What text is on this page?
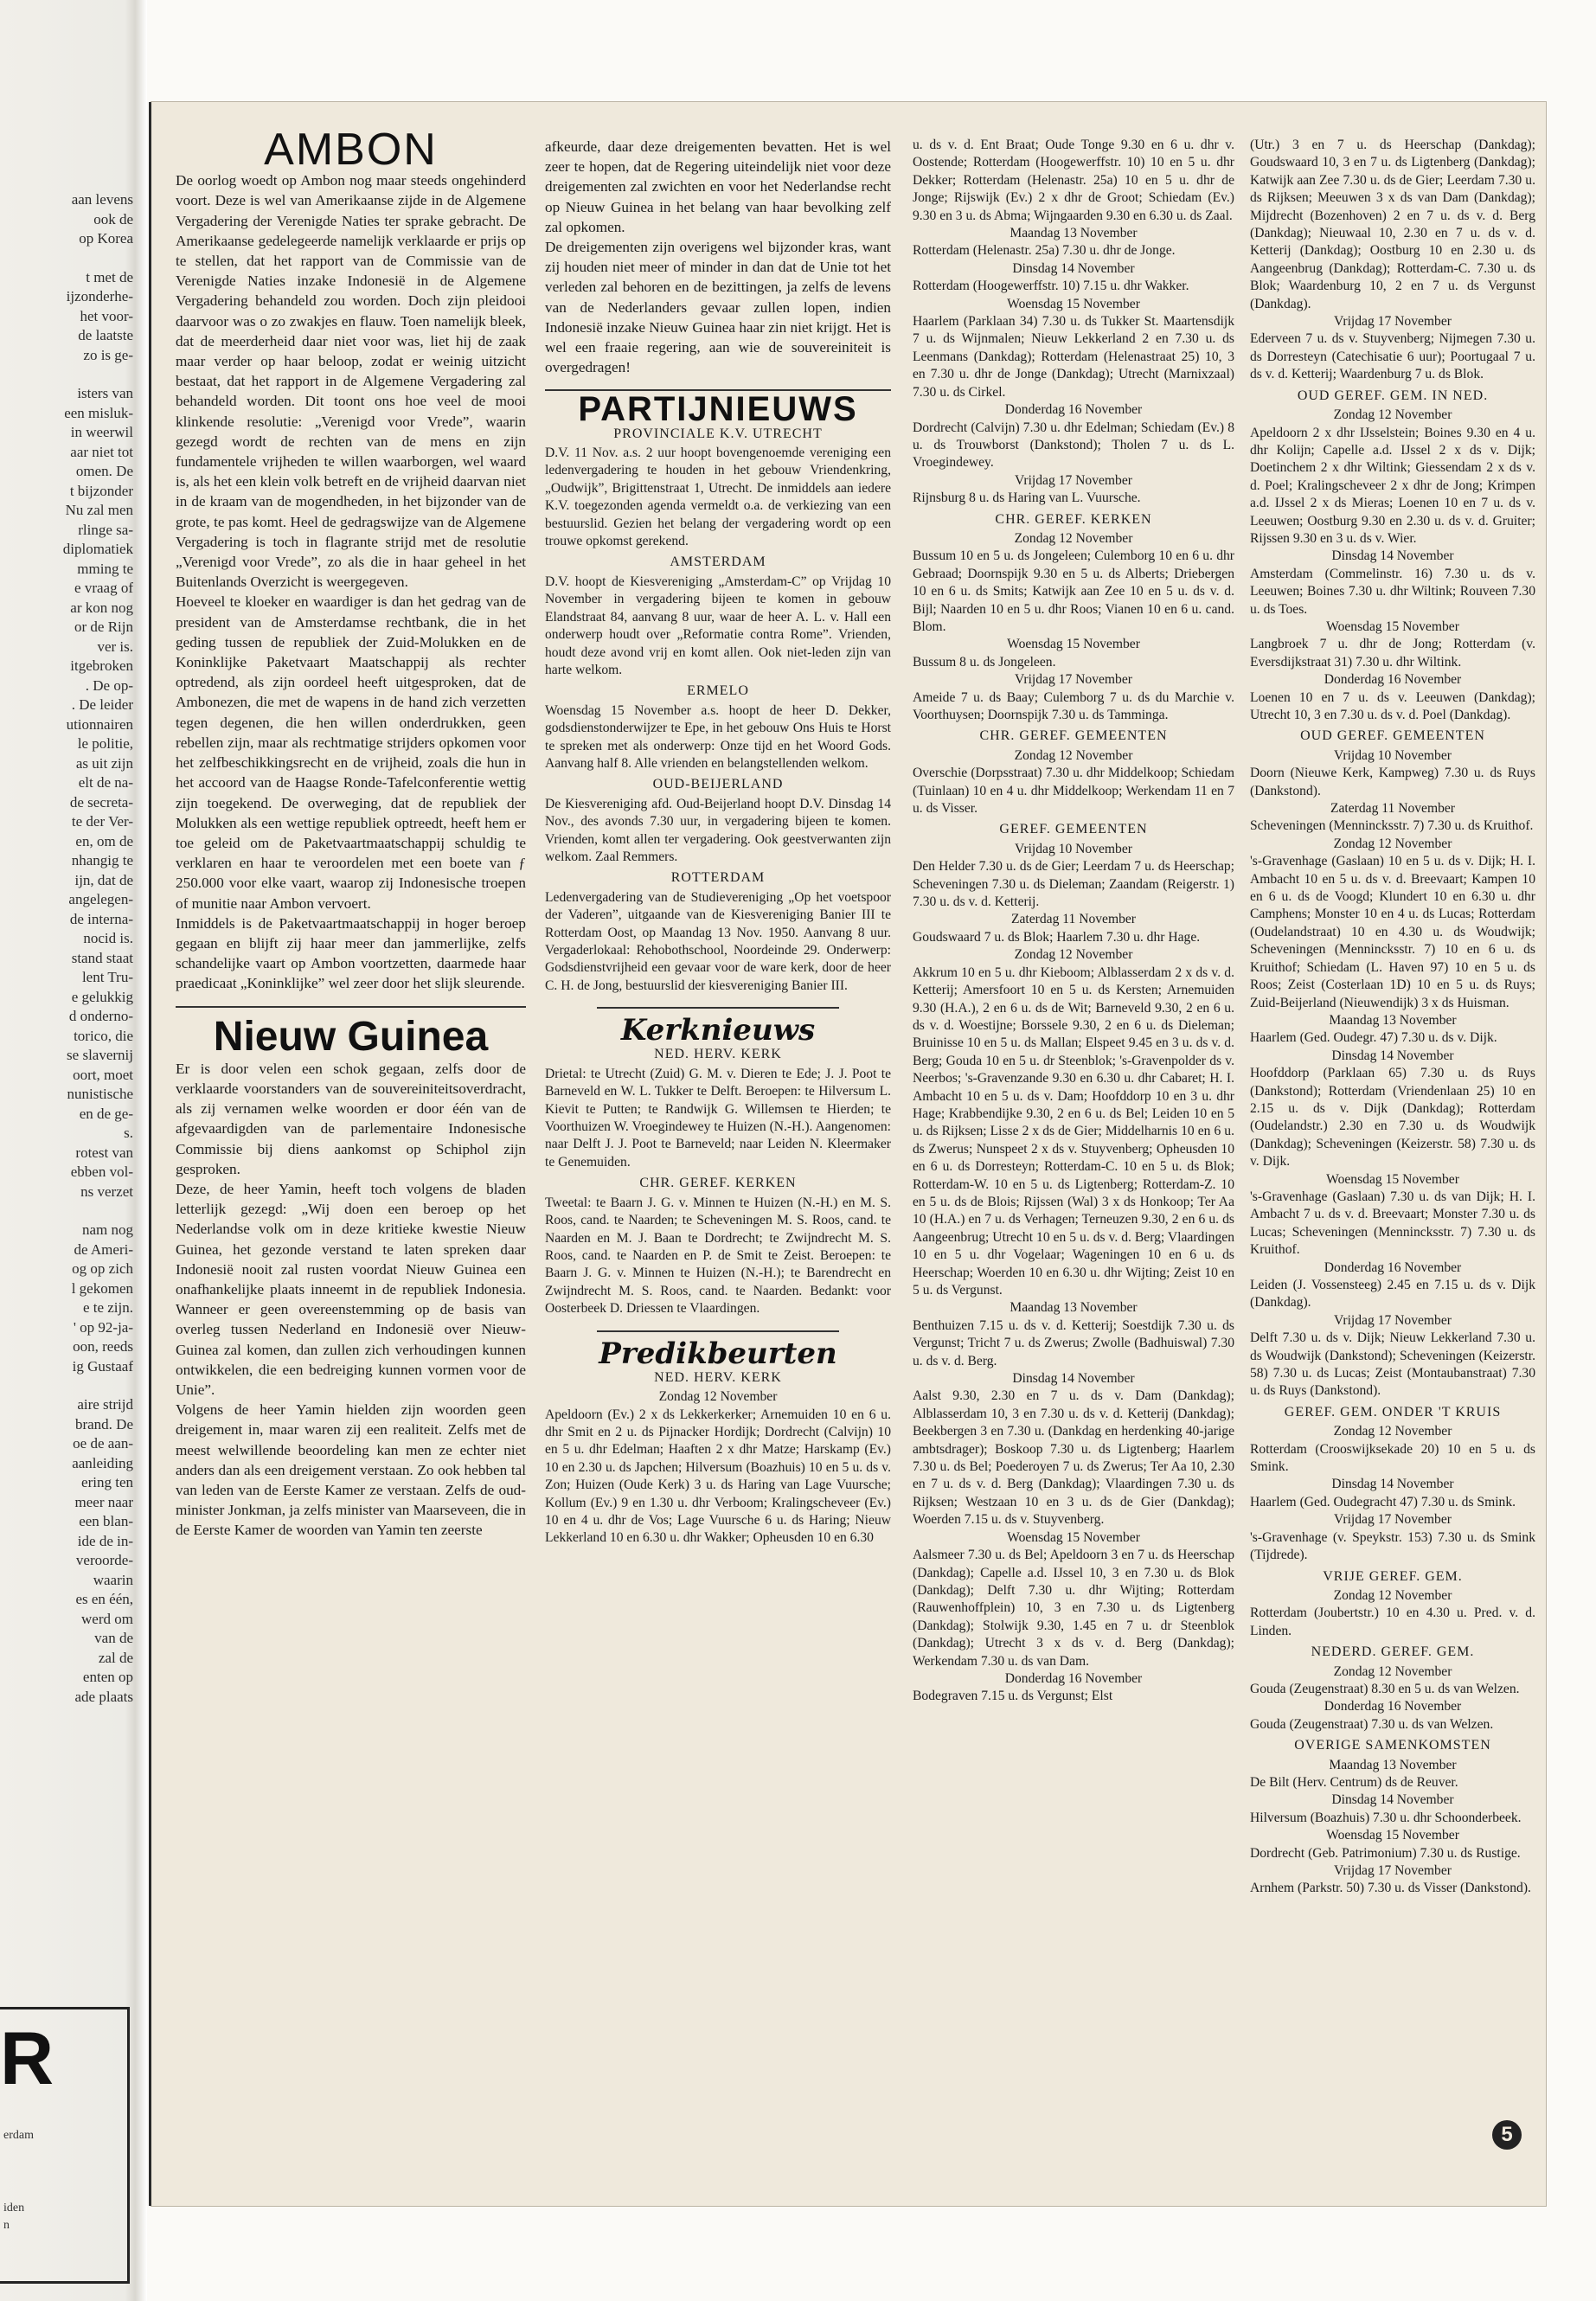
aan levens
ook de
op Korea
t met de
ijzonderhe-
het voor-
de laatste
zo is ge-
isters van
een misluk-
in weerwil
aar niet tot
omen. De
t bijzonder
Nu zal men
rlinge sa-
diplomatiek
mming te
e vraag of
ar kon nog
or de Rijn
ver is.
itgebroken
. De op-
. De leider
utionnairen
le politie,
as uit zijn
elt de na-
de secreta-
te der Ver-
en, om de
nhangig te
ijn, dat de
angelegen-
de interna-
nocid is.
stand staat
lent Tru-
e gelukkig
d onderno-
torico, die
se slavernij
oort, moet
nunistische
en de ge-
s.
rotest van
ebben vol-
ns verzet
nam nog
de Ameri-
og op zich
l gekomen
e te zijn.
' op 92-ja-
oon, reeds
ig Gustaaf
aire strijd
brand. De
oe de aan-
aanleiding
ering ten
meer naar
een blan-
ide de in-
veroorde-
waarin
es en één,
werd om
van de
zal de
enten op
ade plaats
R
erdam
iden
n
AMBON

De oorlog woedt op Ambon nog maar steeds ongehinderd voort. Deze is wel van Amerikaanse zijde in de Algemene Vergadering der Verenigde Naties ter sprake gebracht. De Amerikaanse gedelegeerde namelijk verklaarde er prijs op te stellen, dat het rapport van de Commissie van de Verenigde Naties inzake Indonesië in de Algemene Vergadering behandeld zou worden. Doch zijn pleidooi daarvoor was o zo zwakjes en flauw. Toen namelijk bleek, dat de meerderheid daar niet voor was, liet hij de zaak maar verder op haar beloop, zodat er weinig uitzicht bestaat, dat het rapport in de Algemene Vergadering zal behandeld worden. Dit toont ons hoe veel de mooi klinkende resolutie: „Verenigd voor Vrede”, waarin gezegd wordt de rechten van de mens en zijn fundamentele vrijheden te willen waarborgen, wel waard is, als het een klein volk betreft en de vrijheid daarvan niet in de kraam van de mogendheden, in het bijzonder van de grote, te pas komt. Heel de gedragswijze van de Algemene Vergadering is toch in flagrante strijd met de resolutie „Verenigd voor Vrede”, zo als die in haar geheel in het Buitenlands Overzicht is weergegeven.

Hoeveel te kloeker en waardiger is dan het gedrag van de president van de Amsterdamse rechtbank, die in het geding tussen de republiek der Zuid-Molukken en de Koninklijke Paketvaart Maatschappij als rechter optredend, als zijn oordeel heeft uitgesproken, dat de Ambonezen, die met de wapens in de hand zich verzetten tegen degenen, die hen willen onderdrukken, geen rebellen zijn, maar als rechtmatige strijders opkomen voor het zelfbeschikkingsrecht en de vrijheid, zoals die hun in het accoord van de Haagse Ronde-Tafelconferentie wettig zijn toegekend. De overweging, dat de republiek der Molukken als een wettige republiek optreedt, heeft hem er toe geleid om de Paketvaartmaatschappij schuldig te verklaren en haar te veroordelen met een boete van ƒ 250.000 voor elke vaart, waarop zij Indonesische troepen of munitie naar Ambon vervoert.

Inmiddels is de Paketvaartmaatschappij in hoger beroep gegaan en blijft zij haar meer dan jammerlijke, zelfs schandelijke vaart op Ambon voortzetten, daarmede haar praedicaat „Koninklijke” wel zeer door het slijk sleurende.

Nieuw Guinea

Er is door velen een schok gegaan, zelfs door de verklaarde voorstanders van de souvereiniteitsoverdracht, als zij vernamen welke woorden er door één van de afgevaardigden van de parlementaire Indonesische Commissie bij diens aankomst op Schiphol zijn gesproken.

Deze, de heer Yamin, heeft toch volgens de bladen letterlijk gezegd: „Wij doen een beroep op het Nederlandse volk om in deze kritieke kwestie Nieuw Guinea, het gezonde verstand te laten spreken daar Indonesië nooit zal rusten voordat Nieuw Guinea een onafhankelijke plaats inneemt in de republiek Indonesia. Wanneer er geen overeenstemming op de basis van overleg tussen Nederland en Indonesië over Nieuw-Guinea zal komen, dan zullen zich verhoudingen kunnen ontwikkelen, die een bedreiging kunnen vormen voor de Unie”.

Volgens de heer Yamin hielden zijn woorden geen dreigement in, maar waren zij een realiteit. Zelfs met de meest welwillende beoordeling kan men ze echter niet anders dan als een dreigement verstaan. Zo ook hebben tal van leden van de Eerste Kamer ze verstaan. Zelfs de oud-minister Jonkman, ja zelfs minister van Maarseveen, die in de Eerste Kamer de woorden van Yamin ten zeerste

afkeurde, daar deze dreigementen bevatten. Het is wel zeer te hopen, dat de Regering uiteindelijk niet voor deze dreigementen zal zwichten en voor het Nederlandse recht op Nieuw Guinea in het belang van haar bevolking zelf zal opkomen.

De dreigementen zijn overigens wel bijzonder kras, want zij houden niet meer of minder in dan dat de Unie tot het verleden zal behoren en de bezittingen, ja zelfs de levens van de Nederlanders gevaar zullen lopen, indien Indonesië inzake Nieuw Guinea haar zin niet krijgt. Het is wel een fraaie regering, aan wie de souvereiniteit is overgedragen!

PARTIJNIEUWS
PROVINCIALE K.V. UTRECHT

D.V. 11 Nov. a.s. 2 uur hoopt bovengenoemde vereniging een ledenvergadering te houden in het gebouw Vriendenkring, „Oudwijk”, Brigittenstraat 1, Utrecht. De inmiddels aan iedere K.V. toegezonden agenda vermeldt o.a. de verkiezing van een bestuurslid. Gezien het belang der vergadering wordt op een trouwe opkomst gerekend.

AMSTERDAM

D.V. hoopt de Kiesvereniging „Amsterdam-C” op Vrijdag 10 November in vergadering bijeen te komen in gebouw Elandstraat 84, aanvang 8 uur, waar de heer A. L. v. Hall een onderwerp houdt over „Reformatie contra Rome”. Vrienden, houdt deze avond vrij en komt allen. Ook niet-leden zijn van harte welkom.

ERMELO

Woensdag 15 November a.s. hoopt de heer D. Dekker, godsdienstonderwijzer te Epe, in het gebouw Ons Huis te Horst te spreken met als onderwerp: Onze tijd en het Woord Gods. Aanvang half 8. Alle vrienden en belangstellenden welkom.

OUD-BEIJERLAND

De Kiesvereniging afd. Oud-Beijerland hoopt D.V. Dinsdag 14 Nov., des avonds 7.30 uur, in vergadering bijeen te komen. Vrienden, komt allen ter vergadering. Ook geestverwanten zijn welkom. Zaal Remmers.

ROTTERDAM

Ledenvergadering van de Studievereniging „Op het voetspoor der Vaderen”, uitgaande van de Kiesvereniging Banier III te Rotterdam Oost, op Maandag 13 Nov. 1950. Aanvang 8 uur. Vergaderlokaal: Rehobothschool, Noordeinde 29. Onderwerp: Godsdienstvrijheid een gevaar voor de ware kerk, door de heer C. H. de Jong, bestuurslid der kiesvereniging Banier III.

Kerknieuws
NED. HERV. KERK

Drietal: te Utrecht (Zuid) G. M. v. Dieren te Ede; J. J. Poot te Barneveld en W. L. Tukker te Delft. Beroepen: te Hilversum L. Kievit te Putten; te Randwijk G. Willemsen te Hierden; te Voorthuizen W. Vroegindewey te Huizen (N.-H.). Aangenomen: naar Delft J. J. Poot te Barneveld; naar Leiden N. Kleermaker te Genemuiden.

CHR. GEREF. KERKEN

Tweetal: te Baarn J. G. v. Minnen te Huizen (N.-H.) en M. S. Roos, cand. te Naarden; te Scheveningen M. S. Roos, cand. te Naarden en M. J. Baan te Dordrecht; te Zwijndrecht M. S. Roos, cand. te Naarden en P. de Smit te Zeist. Beroepen: te Baarn J. G. v. Minnen te Huizen (N.-H.); te Barendrecht en Zwijndrecht M. S. Roos, cand. te Naarden. Bedankt: voor Oosterbeek D. Driessen te Vlaardingen.

Predikbeurten
NED. HERV. KERK
Zondag 12 November

Apeldoorn (Ev.) 2 x ds Lekkerkerker; Arnemuiden 10 en 6 u. dhr Smit en 2 u. ds Pijnacker Hordijk; Dordrecht (Calvijn) 10 en 5 u. dhr Edelman; Haaften 2 x dhr Matze; Harskamp (Ev.) 10 en 2.30 u. ds Japchen; Hilversum (Boazhuis) 10 en 5 u. ds v. Zon; Huizen (Oude Kerk) 3 u. ds Haring van Lage Vuursche; Kollum (Ev.) 9 en 1.30 u. dhr Verboom; Kralingscheveer (Ev.) 10 en 4 u. dhr de Vos; Lage Vuursche 6 u. ds Haring; Nieuw Lekkerland 10 en 6.30 u. dhr Wakker; Opheusden 10 en 6.30

u. ds v. d. Ent Braat; Oude Tonge 9.30 en 6 u. dhr v. Oostende; Rotterdam (Hoogewerffstr. 10) 10 en 5 u. dhr Dekker; Rotterdam (Helenastr. 25a) 10 en 5 u. dhr de Jonge; Rijswijk (Ev.) 2 x dhr de Groot; Schiedam (Ev.) 9.30 en 3 u. ds Abma; Wijngaarden 9.30 en 6.30 u. ds Zaal.

Maandag 13 November

Rotterdam (Helenastr. 25a) 7.30 u. dhr de Jonge.

Dinsdag 14 November

Rotterdam (Hoogewerffstr. 10) 7.15 u. dhr Wakker.

Woensdag 15 November

Haarlem (Parklaan 34) 7.30 u. ds Tukker St. Maartensdijk 7 u. ds Wijnmalen; Nieuw Lekkerland 2 en 7.30 u. ds Leenmans (Dankdag); Rotterdam (Helenastraat 25) 10, 3 en 7.30 u. dhr de Jonge (Dankdag); Utrecht (Marnixzaal) 7.30 u. ds Cirkel.

Donderdag 16 November

Dordrecht (Calvijn) 7.30 u. dhr Edelman; Schiedam (Ev.) 8 u. ds Trouwborst (Dankstond); Tholen 7 u. ds L. Vroegindewey.

Vrijdag 17 November

Rijnsburg 8 u. ds Haring van L. Vuursche.

CHR. GEREF. KERKEN
Zondag 12 November

Bussum 10 en 5 u. ds Jongeleen; Culemborg 10 en 6 u. dhr Gebraad; Doornspijk 9.30 en 5 u. ds Alberts; Driebergen 10 en 6 u. ds Smits; Katwijk aan Zee 10 en 5 u. ds v. d. Bijl; Naarden 10 en 5 u. dhr Roos; Vianen 10 en 6 u. cand. Blom.

Woensdag 15 November

Bussum 8 u. ds Jongeleen.

Vrijdag 17 November

Ameide 7 u. ds Baay; Culemborg 7 u. ds du Marchie v. Voorthuysen; Doornspijk 7.30 u. ds Tamminga.

CHR. GEREF. GEMEENTEN
Zondag 12 November

Overschie (Dorpsstraat) 7.30 u. dhr Middelkoop; Schiedam (Tuinlaan) 10 en 4 u. dhr Middelkoop; Werkendam 11 en 7 u. ds Visser.

GEREF. GEMEENTEN
Vrijdag 10 November

Den Helder 7.30 u. ds de Gier; Leerdam 7 u. ds Heerschap; Scheveningen 7.30 u. ds Dieleman; Zaandam (Reigerstr. 1) 7.30 u. ds v. d. Ketterij.

Zaterdag 11 November

Goudswaard 7 u. ds Blok; Haarlem 7.30 u. dhr Hage.

Zondag 12 November

Akkrum 10 en 5 u. dhr Kieboom; Alblasserdam 2 x ds v. d. Ketterij; Amersfoort 10 en 5 u. ds Kersten; Arnemuiden 9.30 (H.A.), 2 en 6 u. ds de Wit; Barneveld 9.30, 2 en 6 u. ds v. d. Woestijne; Borssele 9.30, 2 en 6 u. ds Dieleman; Bruinisse 10 en 5 u. ds Mallan; Elspeet 9.45 en 3 u. ds v. d. Berg; Gouda 10 en 5 u. dr Steenblok; 's-Gravenpolder ds v. Neerbos; 's-Gravenzande 9.30 en 6.30 u. dhr Cabaret; H. I. Ambacht 10 en 5 u. ds v. Dam; Hoofddorp 10 en 3 u. dhr Hage; Krabbendijke 9.30, 2 en 6 u. ds Bel; Leiden 10 en 5 u. ds Rijksen; Lisse 2 x ds de Gier; Middelharnis 10 en 6 u. ds Zwerus; Nunspeet 2 x ds v. Stuyvenberg; Opheusden 10 en 6 u. ds Dorresteyn; Rotterdam-C. 10 en 5 u. ds Blok; Rotterdam-W. 10 en 5 u. ds Ligtenberg; Rotterdam-Z. 10 en 5 u. ds de Blois; Rijssen (Wal) 3 x ds Honkoop; Ter Aa 10 (H.A.) en 7 u. ds Verhagen; Terneuzen 9.30, 2 en 6 u. ds Aangeenbrug; Utrecht 10 en 5 u. ds v. d. Berg; Vlaardingen 10 en 5 u. dhr Vogelaar; Wageningen 10 en 6 u. ds Heerschap; Woerden 10 en 6.30 u. dhr Wijting; Zeist 10 en 5 u. ds Vergunst.

Maandag 13 November

Benthuizen 7.15 u. ds v. d. Ketterij; Soestdijk 7.30 u. ds Vergunst; Tricht 7 u. ds Zwerus; Zwolle (Badhuiswal) 7.30 u. ds v. d. Berg.

Dinsdag 14 November

Aalst 9.30, 2.30 en 7 u. ds v. Dam (Dankdag); Alblasserdam 10, 3 en 7.30 u. ds v. d. Ketterij (Dankdag); Beekbergen 3 en 7.30 u. (Dankdag en herdenking 40-jarige ambtsdrager); Boskoop 7.30 u. ds Ligtenberg; Haarlem 7.30 u. ds Bel; Poederoyen 7 u. ds Zwerus; Ter Aa 10, 2.30 en 7 u. ds v. d. Berg (Dankdag); Vlaardingen 7.30 u. ds Rijksen; Westzaan 10 en 3 u. ds de Gier (Dankdag); Woerden 7.15 u. ds v. Stuyvenberg.

Woensdag 15 November

Aalsmeer 7.30 u. ds Bel; Apeldoorn 3 en 7 u. ds Heerschap (Dankdag); Capelle a.d. IJssel 10, 3 en 7.30 u. ds Blok (Dankdag); Delft 7.30 u. dhr Wijting; Rotterdam (Rauwenhoffplein) 10, 3 en 7.30 u. ds Ligtenberg (Dankdag); Stolwijk 9.30, 1.45 en 7 u. dr Steenblok (Dankdag); Utrecht 3 x ds v. d. Berg (Dankdag); Werkendam 7.30 u. ds van Dam.

Donderdag 16 November

Bodegraven 7.15 u. ds Vergunst; Elst

(Utr.) 3 en 7 u. ds Heerschap (Dankdag); Goudswaard 10, 3 en 7 u. ds Ligtenberg (Dankdag); Katwijk aan Zee 7.30 u. ds de Gier; Leerdam 7.30 u. ds Rijksen; Meeuwen 3 x ds van Dam (Dankdag); Mijdrecht (Bozenhoven) 2 en 7 u. ds v. d. Berg (Dankdag); Nieuwaal 10, 2.30 en 7 u. ds v. d. Ketterij (Dankdag); Oostburg 10 en 2.30 u. ds Aangeenbrug (Dankdag); Rotterdam-C. 7.30 u. ds Blok; Waardenburg 10, 2 en 7 u. ds Vergunst (Dankdag).

Vrijdag 17 November

Ederveen 7 u. ds v. Stuyvenberg; Nijmegen 7.30 u. ds Dorresteyn (Catechisatie 6 uur); Poortugaal 7 u. ds v. d. Ketterij; Waardenburg 7 u. ds Blok.

OUD GEREF. GEM. IN NED.
Zondag 12 November

Apeldoorn 2 x dhr IJsselstein; Boines 9.30 en 4 u. dhr Kolijn; Capelle a.d. IJssel 2 x ds v. Dijk; Doetinchem 2 x dhr Wiltink; Giessendam 2 x ds v. d. Poel; Kralingscheveer 2 x dhr de Jong; Krimpen a.d. IJssel 2 x ds Mieras; Loenen 10 en 7 u. ds v. Leeuwen; Oostburg 9.30 en 2.30 u. ds v. d. Gruiter; Rijssen 9.30 en 3 u. ds v. Wier.

Dinsdag 14 November

Amsterdam (Commelinstr. 16) 7.30 u. ds v. Leeuwen; Boines 7.30 u. dhr Wiltink; Rouveen 7.30 u. ds Toes.

Woensdag 15 November

Langbroek 7 u. dhr de Jong; Rotterdam (v. Eversdijkstraat 31) 7.30 u. dhr Wiltink.

Donderdag 16 November

Loenen 10 en 7 u. ds v. Leeuwen (Dankdag); Utrecht 10, 3 en 7.30 u. ds v. d. Poel (Dankdag).

OUD GEREF. GEMEENTEN
Vrijdag 10 November

Doorn (Nieuwe Kerk, Kampweg) 7.30 u. ds Ruys (Dankstond).

Zaterdag 11 November

Scheveningen (Mennincksstr. 7) 7.30 u. ds Kruithof.

Zondag 12 November

's-Gravenhage (Gaslaan) 10 en 5 u. ds v. Dijk; H. I. Ambacht 10 en 5 u. ds v. d. Breevaart; Kampen 10 en 6 u. ds de Voogd; Klundert 10 en 6.30 u. dhr Camphens; Monster 10 en 4 u. ds Lucas; Rotterdam (Oudelandstraat) 10 en 4.30 u. ds Woudwijk; Scheveningen (Mennincksstr. 7) 10 en 6 u. ds Kruithof; Schiedam (L. Haven 97) 10 en 5 u. ds Roos; Zeist (Costerlaan 1D) 10 en 5 u. ds Ruys; Zuid-Beijerland (Nieuwendijk) 3 x ds Huisman.

Maandag 13 November

Haarlem (Ged. Oudegr. 47) 7.30 u. ds v. Dijk.

Dinsdag 14 November

Hoofddorp (Parklaan 65) 7.30 u. ds Ruys (Dankstond); Rotterdam (Vriendenlaan 25) 10 en 2.15 u. ds v. Dijk (Dankdag); Rotterdam (Oudelandstr.) 2.30 en 7.30 u. ds Woudwijk (Dankdag); Scheveningen (Keizerstr. 58) 7.30 u. ds v. Dijk.

Woensdag 15 November

's-Gravenhage (Gaslaan) 7.30 u. ds van Dijk; H. I. Ambacht 7 u. ds v. d. Breevaart; Monster 7.30 u. ds Lucas; Scheveningen (Mennincksstr. 7) 7.30 u. ds Kruithof.

Donderdag 16 November

Leiden (J. Vossensteeg) 2.45 en 7.15 u. ds v. Dijk (Dankdag).

Vrijdag 17 November

Delft 7.30 u. ds v. Dijk; Nieuw Lekkerland 7.30 u. ds Woudwijk (Dankstond); Scheveningen (Keizerstr. 58) 7.30 u. ds Lucas; Zeist (Montaubanstraat) 7.30 u. ds Ruys (Dankstond).

GEREF. GEM. ONDER 'T KRUIS
Zondag 12 November

Rotterdam (Crooswijksekade 20) 10 en 5 u. ds Smink.

Dinsdag 14 November

Haarlem (Ged. Oudegracht 47) 7.30 u. ds Smink.

Vrijdag 17 November

's-Gravenhage (v. Speykstr. 153) 7.30 u. ds Smink (Tijdrede).

VRIJE GEREF. GEM.
Zondag 12 November

Rotterdam (Joubertstr.) 10 en 4.30 u. Pred. v. d. Linden.

NEDERD. GEREF. GEM.
Zondag 12 November

Gouda (Zeugenstraat) 8.30 en 5 u. ds van Welzen.

Donderdag 16 November

Gouda (Zeugenstraat) 7.30 u. ds van Welzen.

OVERIGE SAMENKOMSTEN
Maandag 13 November

De Bilt (Herv. Centrum) ds de Reuver.

Dinsdag 14 November

Hilversum (Boazhuis) 7.30 u. dhr Schoonderbeek.

Woensdag 15 November

Dordrecht (Geb. Patrimonium) 7.30 u. ds Rustige.

Vrijdag 17 November

Arnhem (Parkstr. 50) 7.30 u. ds Visser (Dankstond).

5
